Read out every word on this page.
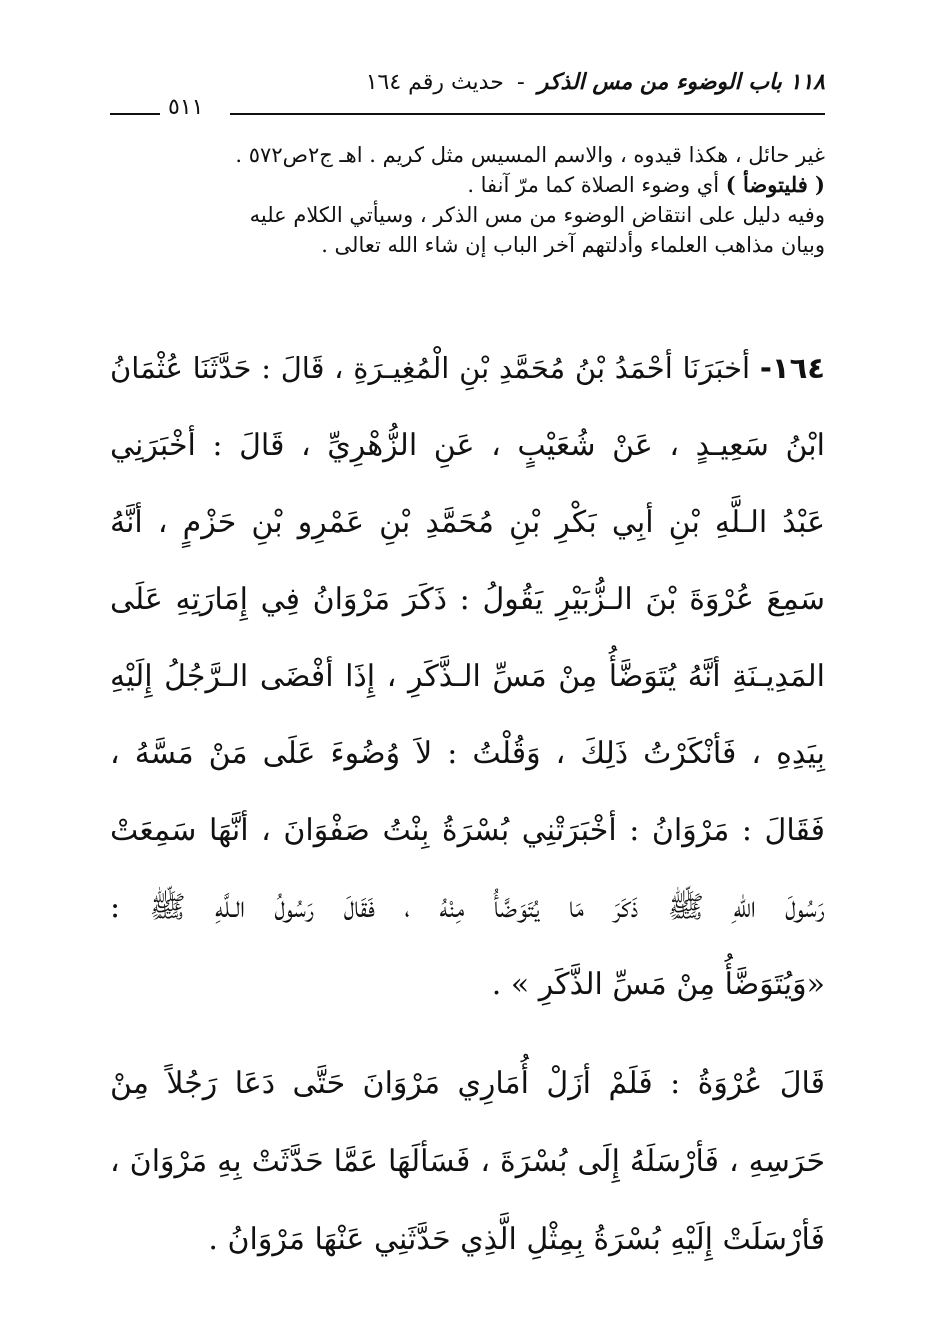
١١٨ باب الوضوء من مس الذكر - حديث رقم ١٦٤
٥١١

غير حائل ، هكذا قيدوه ، والاسم المسيس مثل كريم . اهـ ج٢ص٥٧٢ .

( فليتوضأ ) أي وضوء الصلاة كما مرّ آنفا .

وفيه دليل على انتقاض الوضوء من مس الذكر ، وسيأتي الكلام عليه

وبيان مذاهب العلماء وأدلتهم آخر الباب إن شاء الله تعالى .

١٦٤- أخبَرَنَا أحْمَدُ بْنُ مُحَمَّدِ بْنِ الْمُغِيـرَةِ ، قَالَ : حَدَّثَنَا عُثْمَانُ
ابْنُ سَعِيـدٍ ، عَنْ شُعَيْبٍ ، عَنِ الزُّهْرِيِّ ، قَالَ : أخْبَرَنِي
عَبْدُ الـلَّهِ بْنِ أبِي بَكْرِ بْنِ مُحَمَّدِ بْنِ عَمْرِو بْنِ حَزْمٍ ، أنَّهُ
سَمِعَ عُرْوَةَ بْنَ الـزُّبَيْرِ يَقُولُ : ذَكَرَ مَرْوَانُ فِي إِمَارَتِهِ عَلَى
المَدِيـنَةِ أنَّهُ يُتَوَضَّأُ مِنْ مَسِّ الـذَّكَرِ ، إِذَا أفْضَى الـرَّجُلُ إِلَيْهِ
بِيَدِهِ ، فَأنْكَرْتُ ذَلِكَ ، وَقُلْتُ : لاَ وُضُوءَ عَلَى مَنْ مَسَّهُ ،
فَقَالَ : مَرْوَانُ : أخْبَرَتْنِي بُسْرَةُ بِنْتُ صَفْوَانَ ، أنَّهَا سَمِعَتْ
رَسُولَ اللهِ ﷺ ذَكَرَ مَا يُتَوَضَّأُ مِنْهُ ، فَقَالَ رَسُولُ الـلَّهِ ﷺ :
«وَيُتَوَضَّأُ مِنْ مَسِّ الذَّكَرِ » .
قَالَ عُرْوَةُ : فَلَمْ أزَلْ أُمَارِي مَرْوَانَ حَتَّى دَعَا رَجُلاً مِنْ
حَرَسِهِ ، فَأرْسَلَهُ إِلَى بُسْرَةَ ، فَسَألَهَا عَمَّا حَدَّثَتْ بِهِ مَرْوَانَ ،
فَأرْسَلَتْ إِلَيْهِ بُسْرَةُ بِمِثْلِ الَّذِي حَدَّثَنِي عَنْهَا مَرْوَانُ .
